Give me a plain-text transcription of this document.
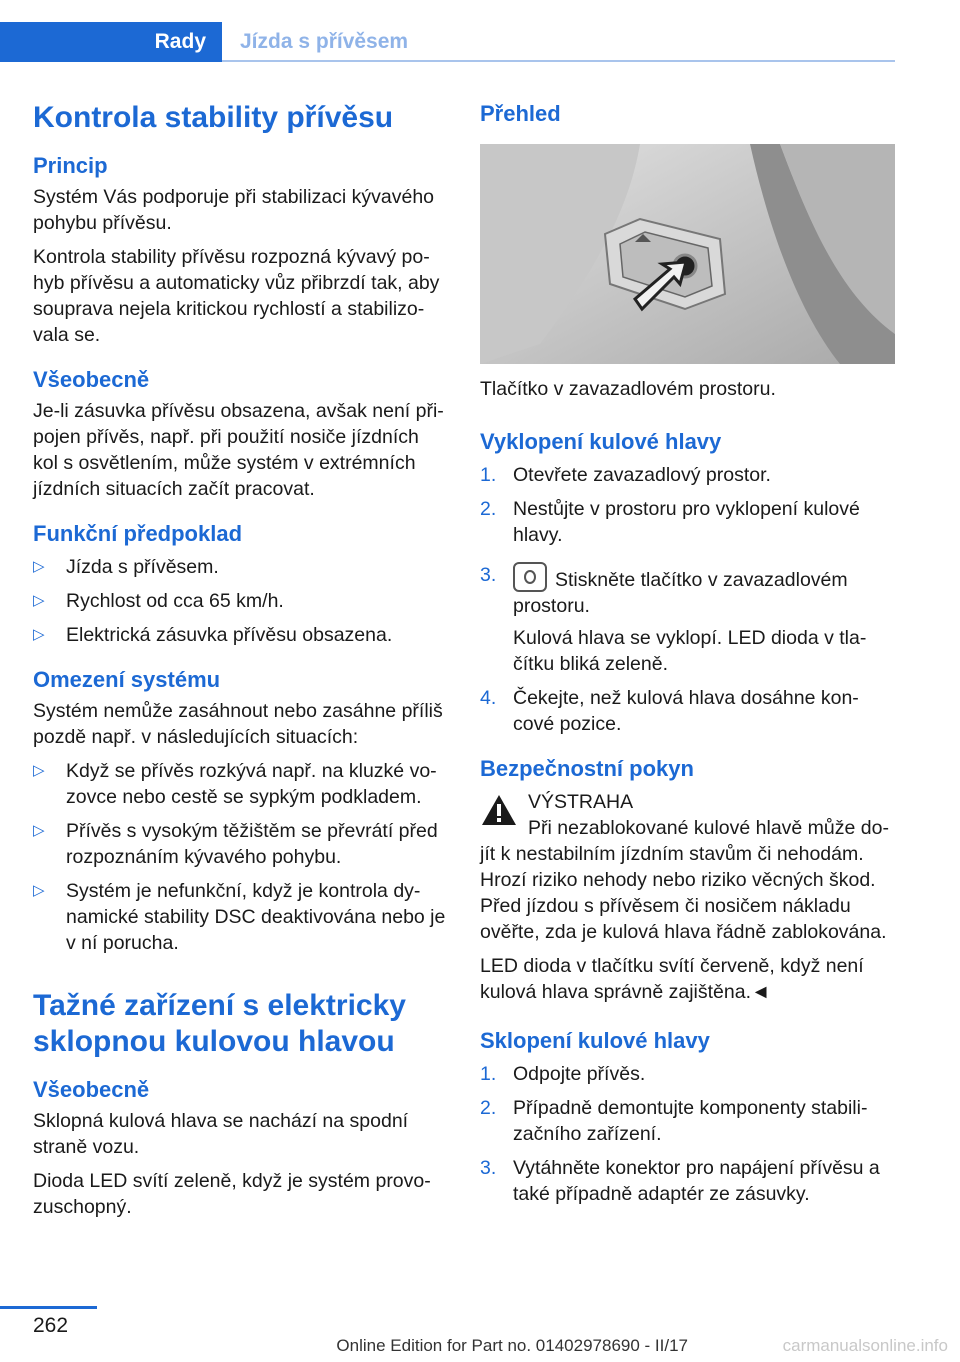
Rady Jízda s přívěsem
Kontrola stability přívěsu
Princip

Systém Vás podporuje při stabilizaci kývavého pohybu přívěsu.

Kontrola stability přívěsu rozpozná kývavý po- hyb přívěsu a automaticky vůz přibrzdí tak, aby souprava nejela kritickou rychlostí a stabilizo- vala se.

Všeobecně

Je-li zásuvka přívěsu obsazena, avšak není při- pojen přívěs, např. při použití nosiče jízdních kol s osvětlením, může systém v extrémních jízdních situacích začít pracovat.

Funkční předpoklad
▷ Jízda s přívěsem.
▷ Rychlost od cca 65 km/h.
▷ Elektrická zásuvka přívěsu obsazena.
Omezení systému

Systém nemůže zasáhnout nebo zasáhne příliš pozdě např. v následujících situacích:

▷ Když se přívěs rozkývá např. na kluzké vo- zovce nebo cestě se sypkým podkladem.
▷ Přívěs s vysokým těžištěm se převrátí před rozpoznáním kývavého pohybu.
▷ Systém je nefunkční, když je kontrola dy- namické stability DSC deaktivována nebo je v ní porucha.
Tažné zařízení s elektricky sklopnou kulovou hlavou
Všeobecně

Sklopná kulová hlava se nachází na spodní straně vozu.

Dioda LED svítí zeleně, když je systém provo- zuschopný.

Přehled

Tlačítko v zavazadlovém prostoru.

Vyklopení kulové hlavy
1. Otevřete zavazadlový prostor.
2. Nestůjte v prostoru pro vyklopení kulové hlavy.
3.	Stiskněte tlačítko v zavazadlovém prostoru.
Kulová hlava se vyklopí. LED dioda v tla- čítku bliká zeleně.
4. Čekejte, než kulová hlava dosáhne kon- cové pozice.
Bezpečnostní pokyn
VÝSTRAHA
Při nezablokované kulové hlavě může do-

jít k nestabilním jízdním stavům či nehodám. Hrozí riziko nehody nebo riziko věcných škod. Před jízdou s přívěsem či nosičem nákladu ověřte, zda je kulová hlava řádně zablokována.

LED dioda v tlačítku svítí červeně, když není kulová hlava správně zajištěna.◄

Sklopení kulové hlavy
1. Odpojte přívěs.
2. Případně demontujte komponenty stabili- začního zařízení.
3. Vytáhněte konektor pro napájení přívěsu a také případně adaptér ze zásuvky.
262
Online Edition for Part no. 01402978690 - II/17	carmanualsonline.info
